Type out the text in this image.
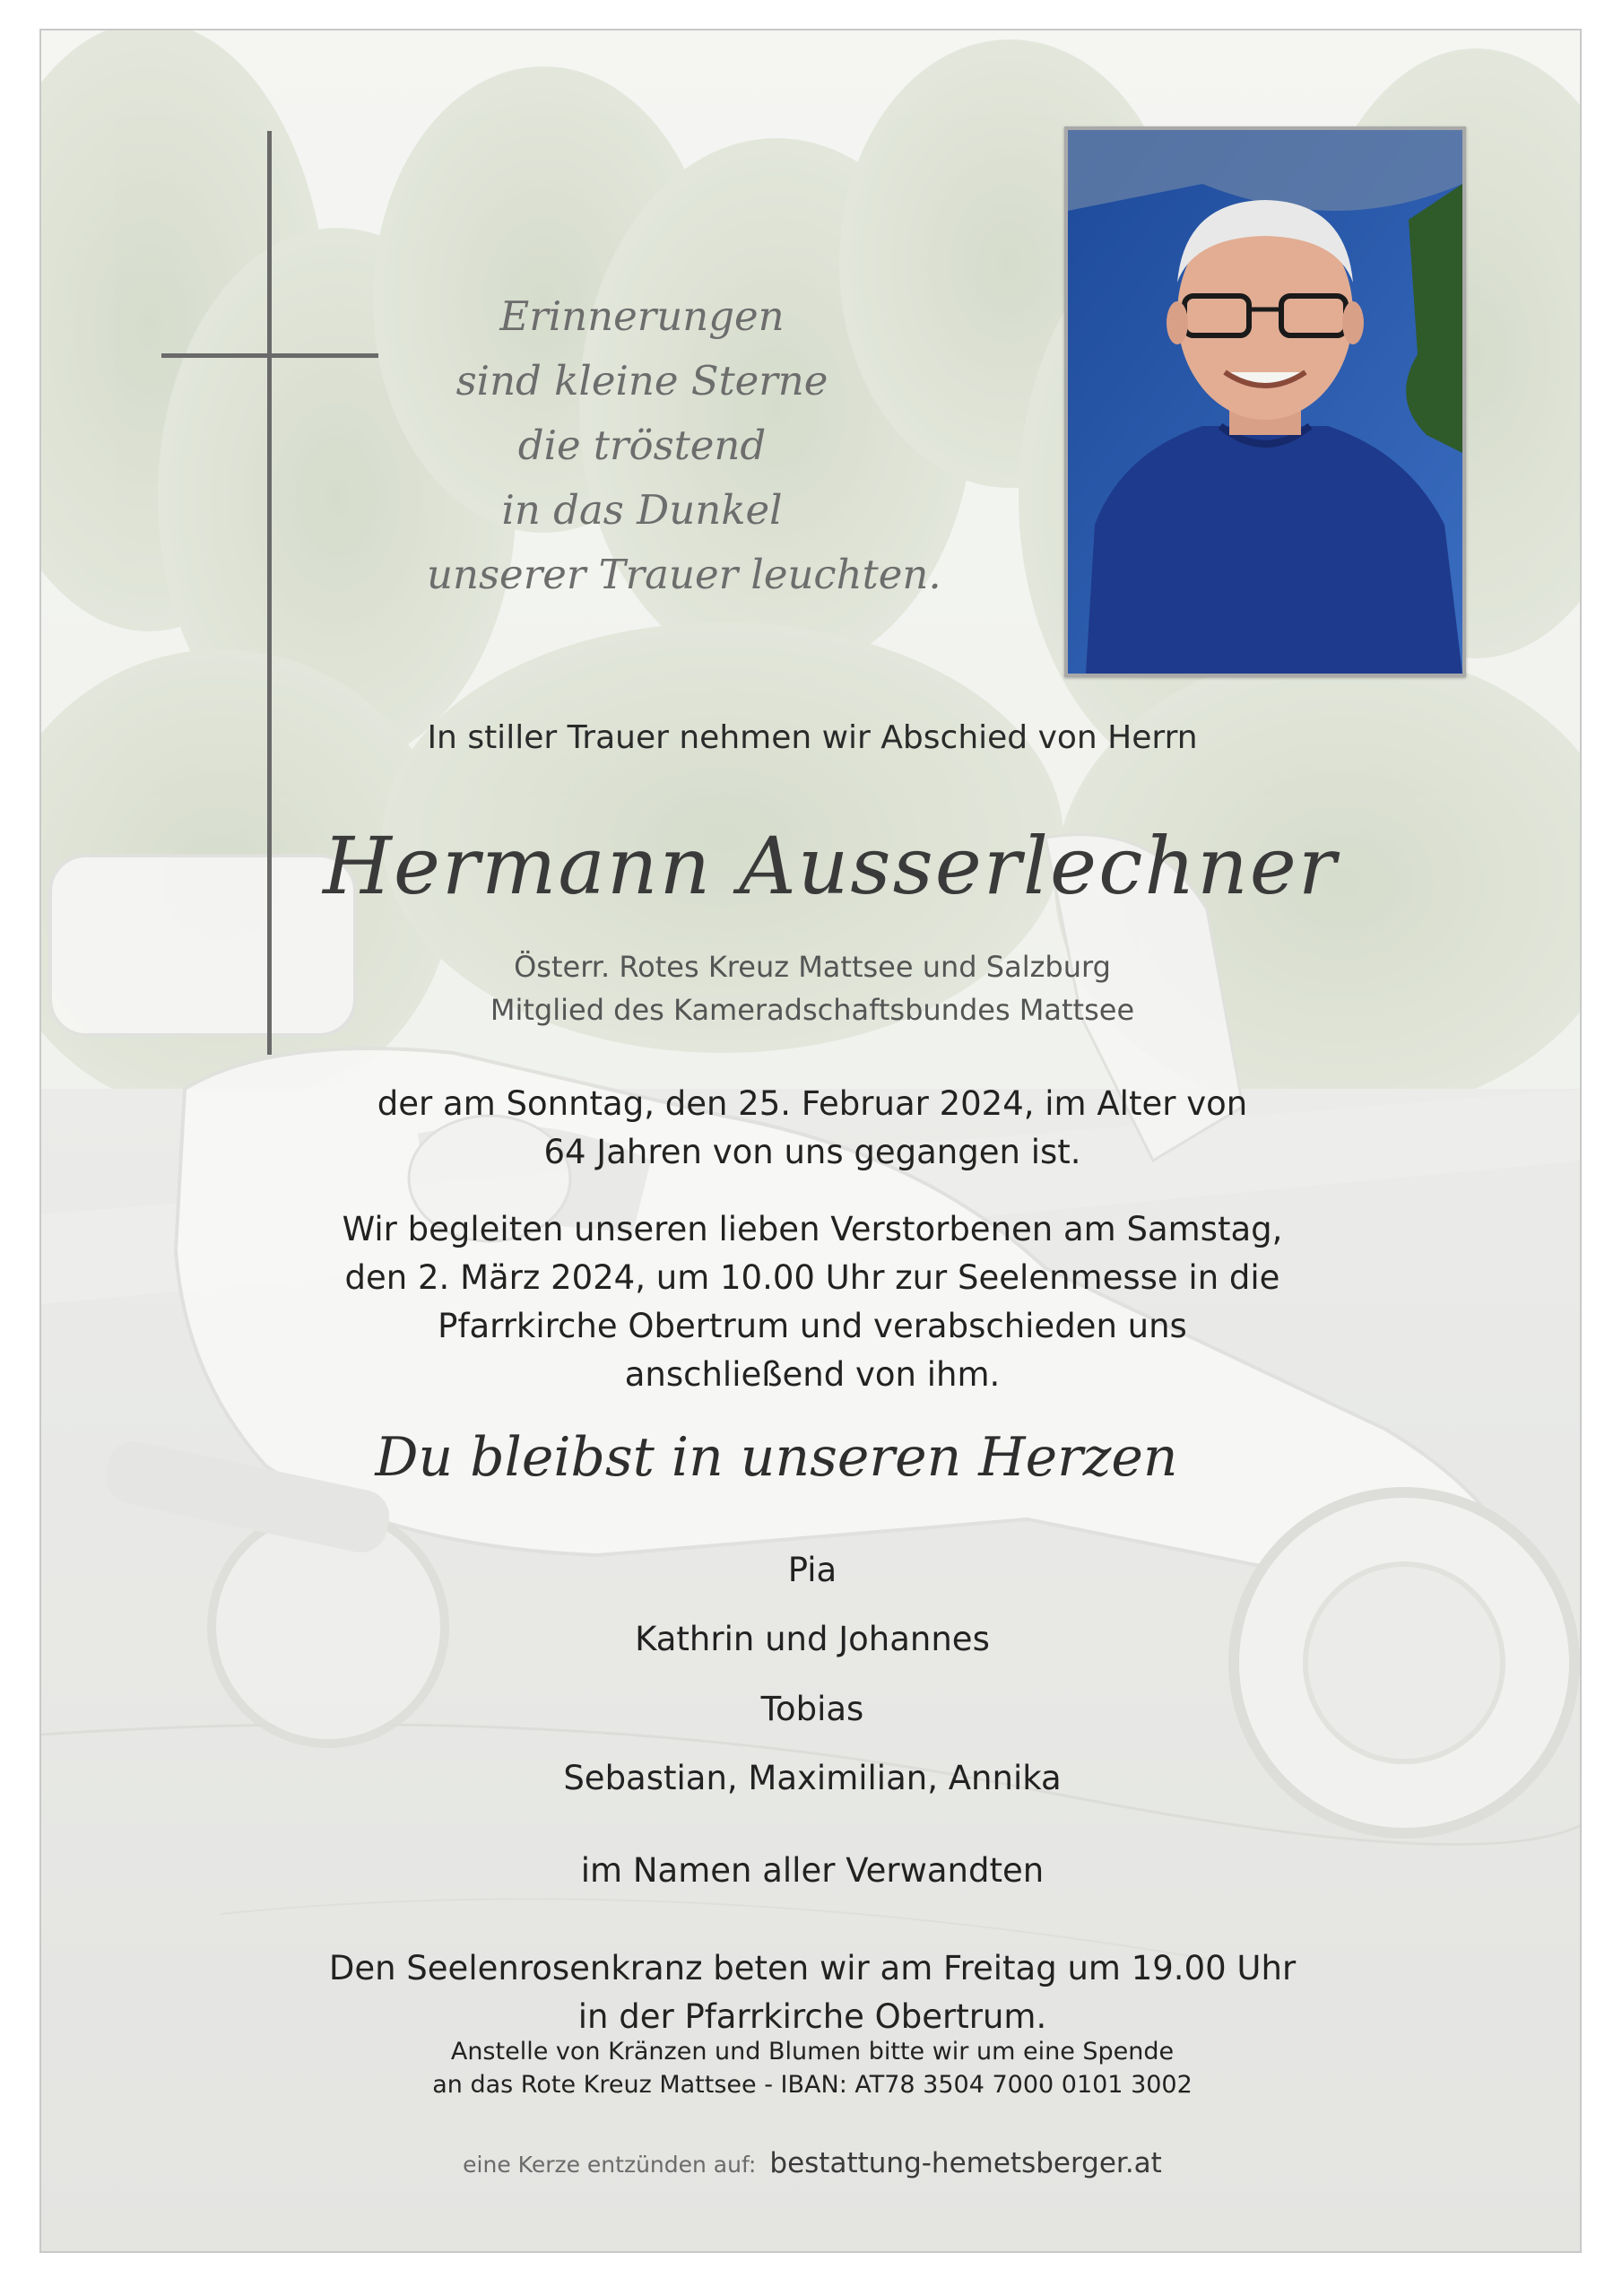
Erinnerungen
sind kleine Sterne
die tröstend
in das Dunkel
unserer Trauer leuchten.
In stiller Trauer nehmen wir Abschied von Herrn
Hermann Ausserlechner
Österr. Rotes Kreuz Mattsee und Salzburg
Mitglied des Kameradschaftsbundes Mattsee
der am Sonntag, den 25. Februar 2024, im Alter von
64 Jahren von uns gegangen ist.
Wir begleiten unseren lieben Verstorbenen am Samstag,
den 2. März 2024, um 10.00 Uhr zur Seelenmesse in die
Pfarrkirche Obertrum und verabschieden uns
anschließend von ihm.
Du bleibst in unseren Herzen
Pia
Kathrin und Johannes
Tobias
Sebastian, Maximilian, Annika
im Namen aller Verwandten
Den Seelenrosenkranz beten wir am Freitag um 19.00 Uhr
in der Pfarrkirche Obertrum.
Anstelle von Kränzen und Blumen bitte wir um eine Spende
an das Rote Kreuz Mattsee - IBAN: AT78 3504 7000 0101 3002
eine Kerze entzünden auf: bestattung-hemetsberger.at
